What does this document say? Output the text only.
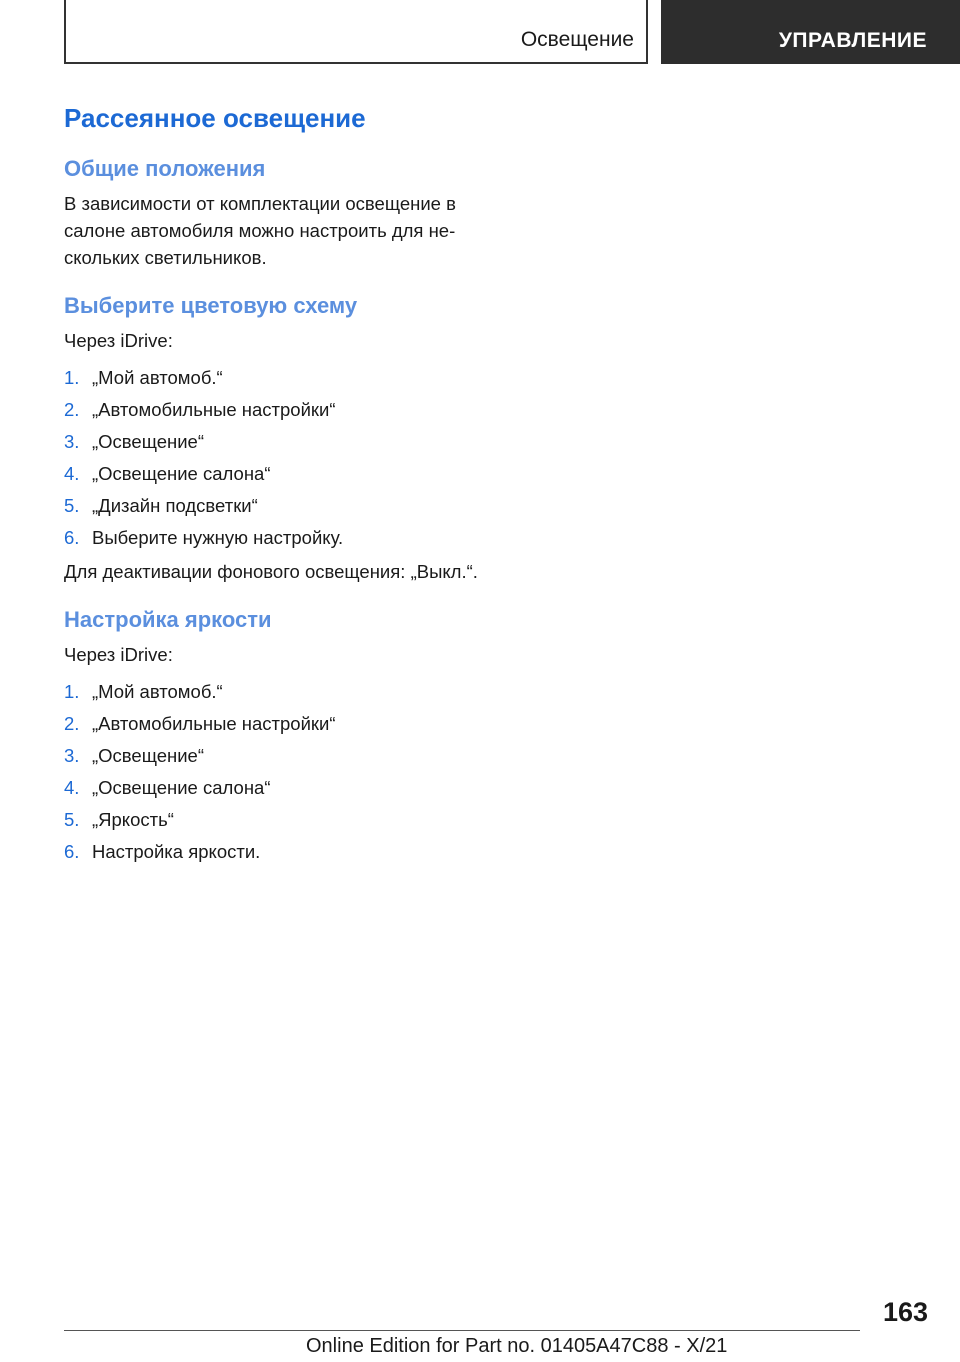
Освещение	УПРАВЛЕНИЕ
Рассеянное освещение
Общие положения

В зависимости от комплектации освещение в салоне автомобиля можно настроить для не- скольких светильников.

Выберите цветовую схему

Через iDrive:

1. „Мой автомоб.“
2. „Автомобильные настройки“
3. „Освещение“
4. „Освещение салона“
5. „Дизайн подсветки“
6. Выберите нужную настройку.

Для деактивации фонового освещения: „Выкл.“.

Настройка яркости

Через iDrive:

1. „Мой автомоб.“
2. „Автомобильные настройки“
3. „Освещение“
4. „Освещение салона“
5. „Яркость“
6. Настройка яркости.
163
Online Edition for Part no. 01405A47C88 - X/21
